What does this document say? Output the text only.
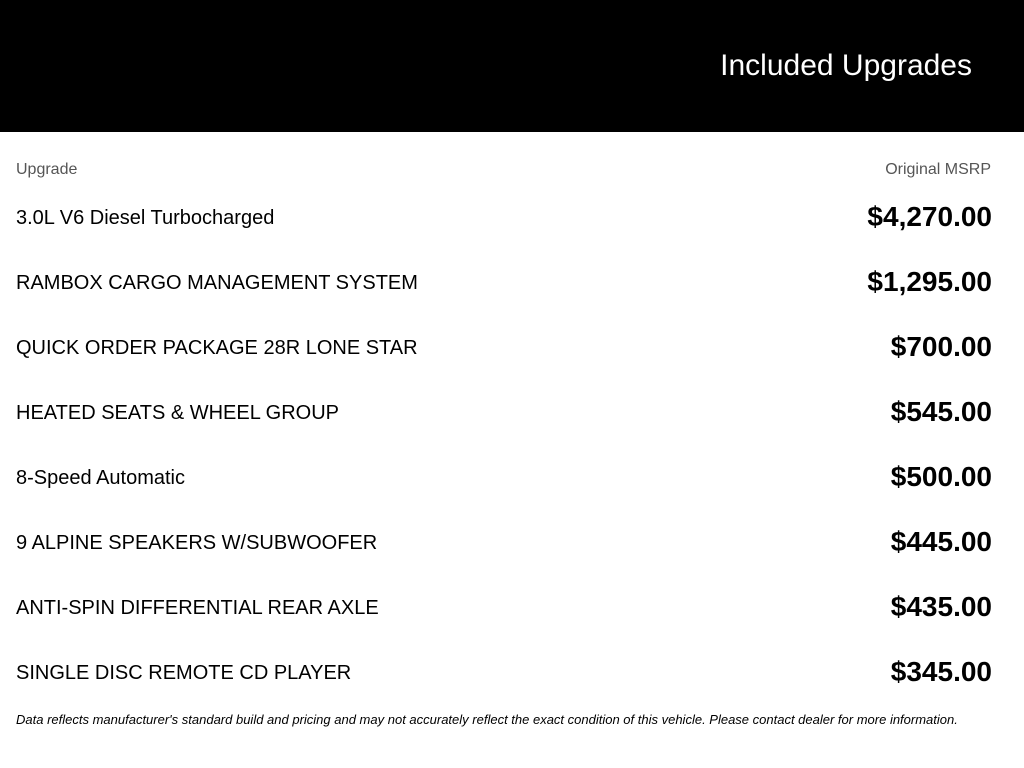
Included Upgrades
Upgrade	Original MSRP
3.0L V6 Diesel Turbocharged	$4,270.00
RAMBOX CARGO MANAGEMENT SYSTEM	$1,295.00
QUICK ORDER PACKAGE 28R LONE STAR	$700.00
HEATED SEATS & WHEEL GROUP	$545.00
8-Speed Automatic	$500.00
9 ALPINE SPEAKERS W/SUBWOOFER	$445.00
ANTI-SPIN DIFFERENTIAL REAR AXLE	$435.00
SINGLE DISC REMOTE CD PLAYER	$345.00
Data reflects manufacturer's standard build and pricing and may not accurately reflect the exact condition of this vehicle. Please contact dealer for more information.
